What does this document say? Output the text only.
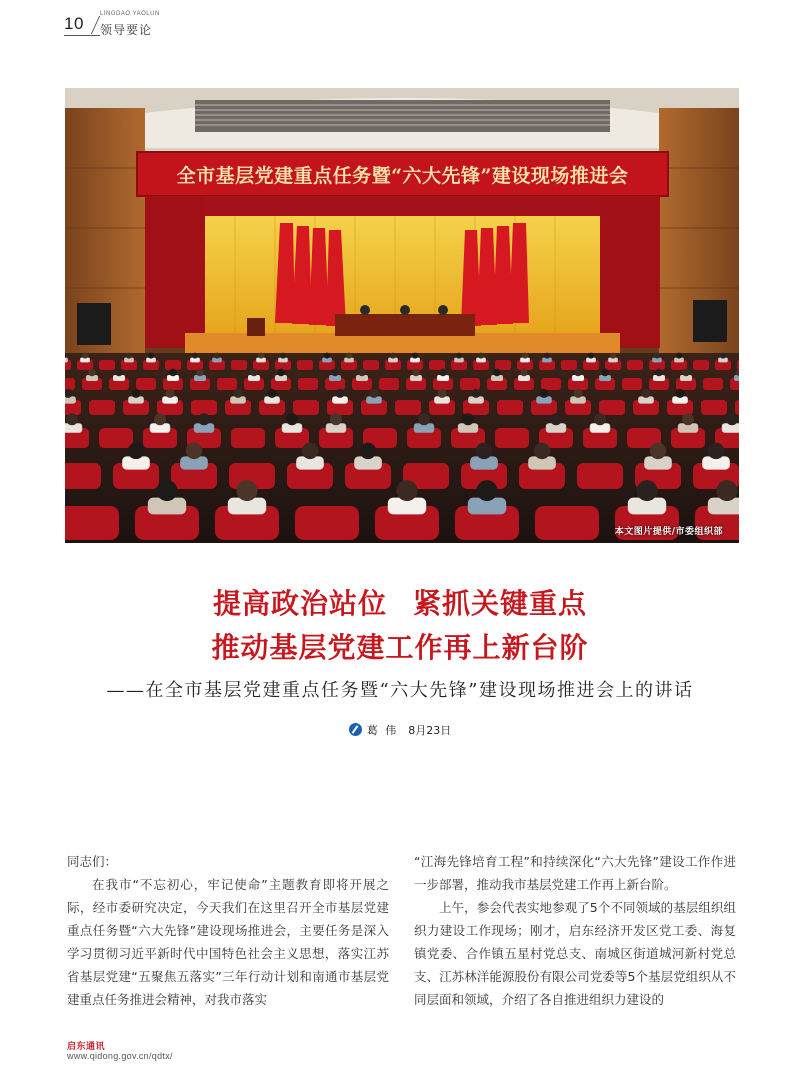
10	LINGDAO YAOLUN
领导要论
全市基层党建重点任务暨“六大先锋”建设现场推进会
本文图片提供/市委组织部
提高政治站位 紧抓关键重点
推动基层党建工作再上新台阶
——在全市基层党建重点任务暨“六大先锋”建设现场推进会上的讲话
葛 伟 8月23日

同志们：

在我市“不忘初心，牢记使命”主题教育即将开展之际，经市委研究决定，今天我们在这里召开全市基层党建重点任务暨“六大先锋”建设现场推进会，主要任务是深入学习贯彻习近平新时代中国特色社会主义思想，落实江苏省基层党建“五聚焦五落实”三年行动计划和南通市基层党建重点任务推进会精神，对我市落实

“江海先锋培育工程”和持续深化“六大先锋”建设工作作进一步部署，推动我市基层党建工作再上新台阶。

上午，参会代表实地参观了5个不同领域的基层组织组织力建设工作现场；刚才，启东经济开发区党工委、海复镇党委、合作镇五星村党总支、南城区街道城河新村党总支、江苏林洋能源股份有限公司党委等5个基层党组织从不同层面和领域，介绍了各自推进组织力建设的

启东通讯
www.qidong.gov.cn/qdtx/
